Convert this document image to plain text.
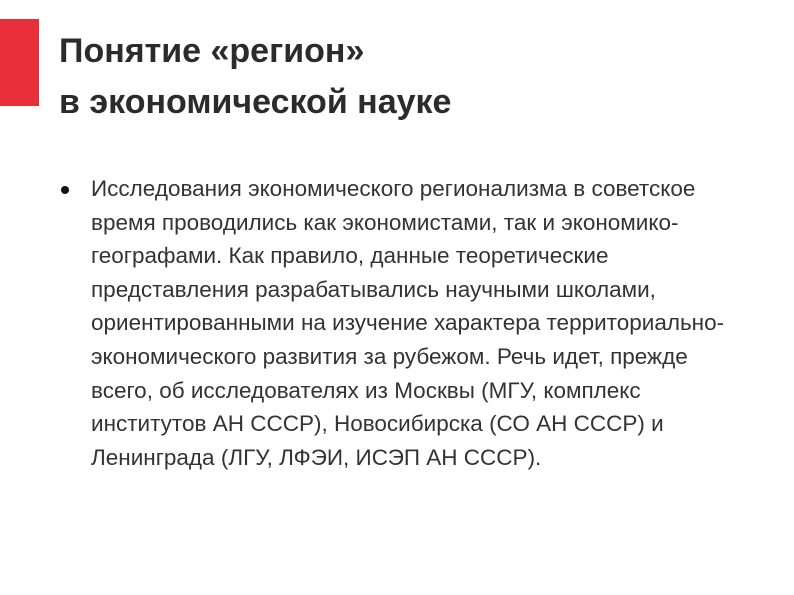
Понятие «регион»
в экономической науке
Исследования экономического регионализма в советское время проводились как экономистами, так и экономико-географами. Как правило, данные теоретические представления разрабатывались научными школами, ориентированными на изучение характера территориально-экономического развития за рубежом. Речь идет, прежде всего, об исследователях из Москвы (МГУ, комплекс институтов АН СССР), Новосибирска (СО АН СССР) и Ленинграда (ЛГУ, ЛФЭИ, ИСЭП АН СССР).
